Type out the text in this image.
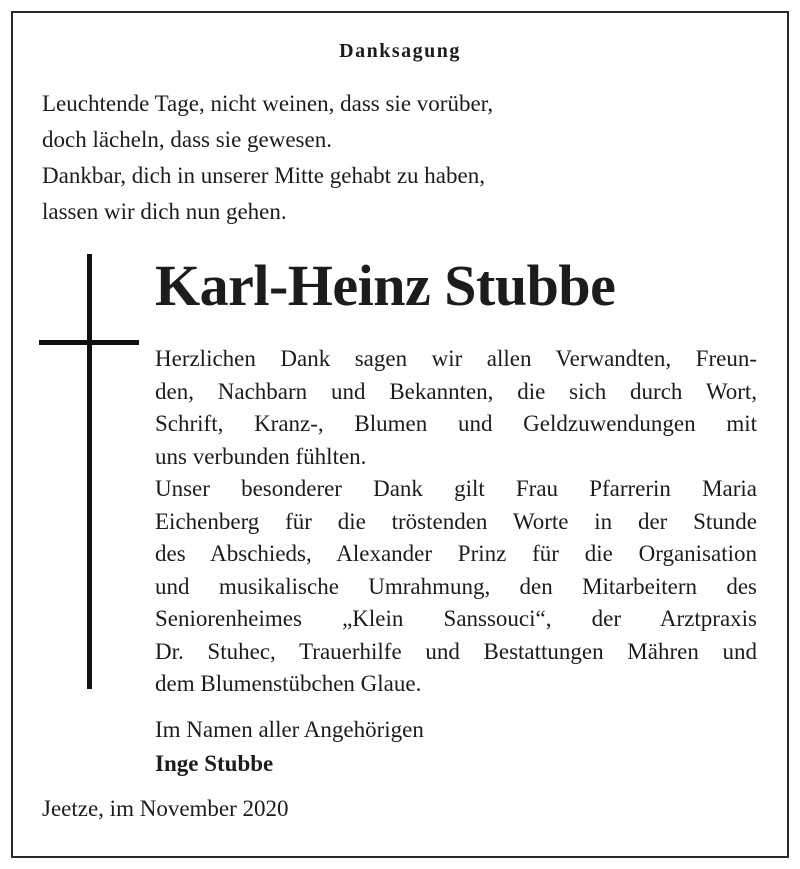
Danksagung
Leuchtende Tage, nicht weinen, dass sie vorüber,
doch lächeln, dass sie gewesen.
Dankbar, dich in unserer Mitte gehabt zu haben,
lassen wir dich nun gehen.
Karl-Heinz Stubbe
Herzlichen Dank sagen wir allen Verwandten, Freun-
den, Nachbarn und Bekannten, die sich durch Wort,
Schrift, Kranz-, Blumen und Geldzuwendungen mit
uns verbunden fühlten.
Unser besonderer Dank gilt Frau Pfarrerin Maria
Eichenberg für die tröstenden Worte in der Stunde
des Abschieds, Alexander Prinz für die Organisation
und musikalische Umrahmung, den Mitarbeitern des
Seniorenheimes „Klein Sanssouci“, der Arztpraxis
Dr. Stuhec, Trauerhilfe und Bestattungen Mähren und
dem Blumenstübchen Glaue.
Im Namen aller Angehörigen
Inge Stubbe
Jeetze, im November 2020
